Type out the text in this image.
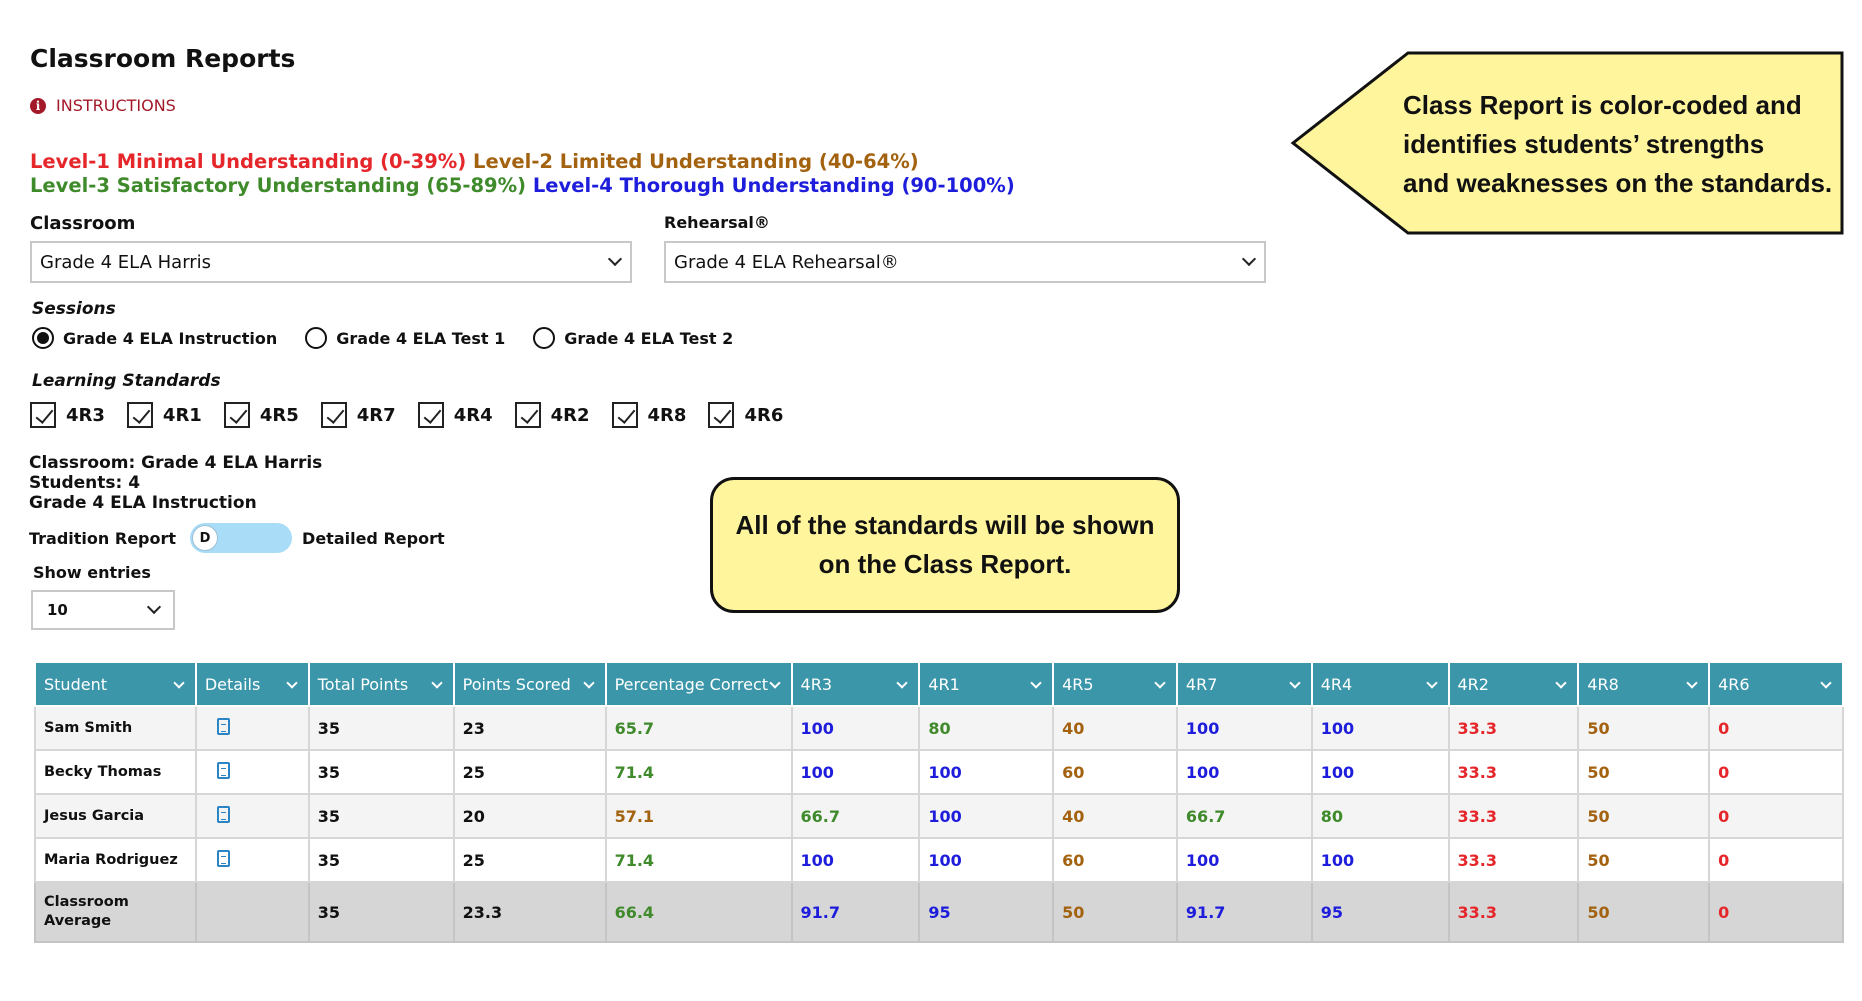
Classroom Reports
i INSTRUCTIONS
Level-1 Minimal Understanding (0-39%) Level-2 Limited Understanding (40-64%)
Level-3 Satisfactory Understanding (65-89%) Level-4 Thorough Understanding (90-100%)
Classroom
Grade 4 ELA Harris
Rehearsal®
Grade 4 ELA Rehearsal®
Sessions
Grade 4 ELA Instruction	Grade 4 ELA Test 1	Grade 4 ELA Test 2
Learning Standards
4R3	4R1	4R5	4R7	4R4	4R2	4R8	4R6
Classroom: Grade 4 ELA Harris
Students: 4
Grade 4 ELA Instruction
Tradition Report	D	Detailed Report
Show entries
10
All of the standards will be shown
on the Class Report.
Class Report is color-coded and
identifies students’ strengths
and weaknesses on the standards.
Student	Details	Total Points	Points Scored	Percentage Correct	4R3	4R1	4R5	4R7	4R4	4R2	4R8	4R6

Sam Smith		35	23	65.7	100	80	40	100	100	33.3	50	0
Becky Thomas		35	25	71.4	100	100	60	100	100	33.3	50	0
Jesus Garcia		35	20	57.1	66.7	100	40	66.7	80	33.3	50	0
Maria Rodriguez		35	25	71.4	100	100	60	100	100	33.3	50	0

Classroom
Average		35	23.3	66.4	91.7	95	50	91.7	95	33.3	50	0
